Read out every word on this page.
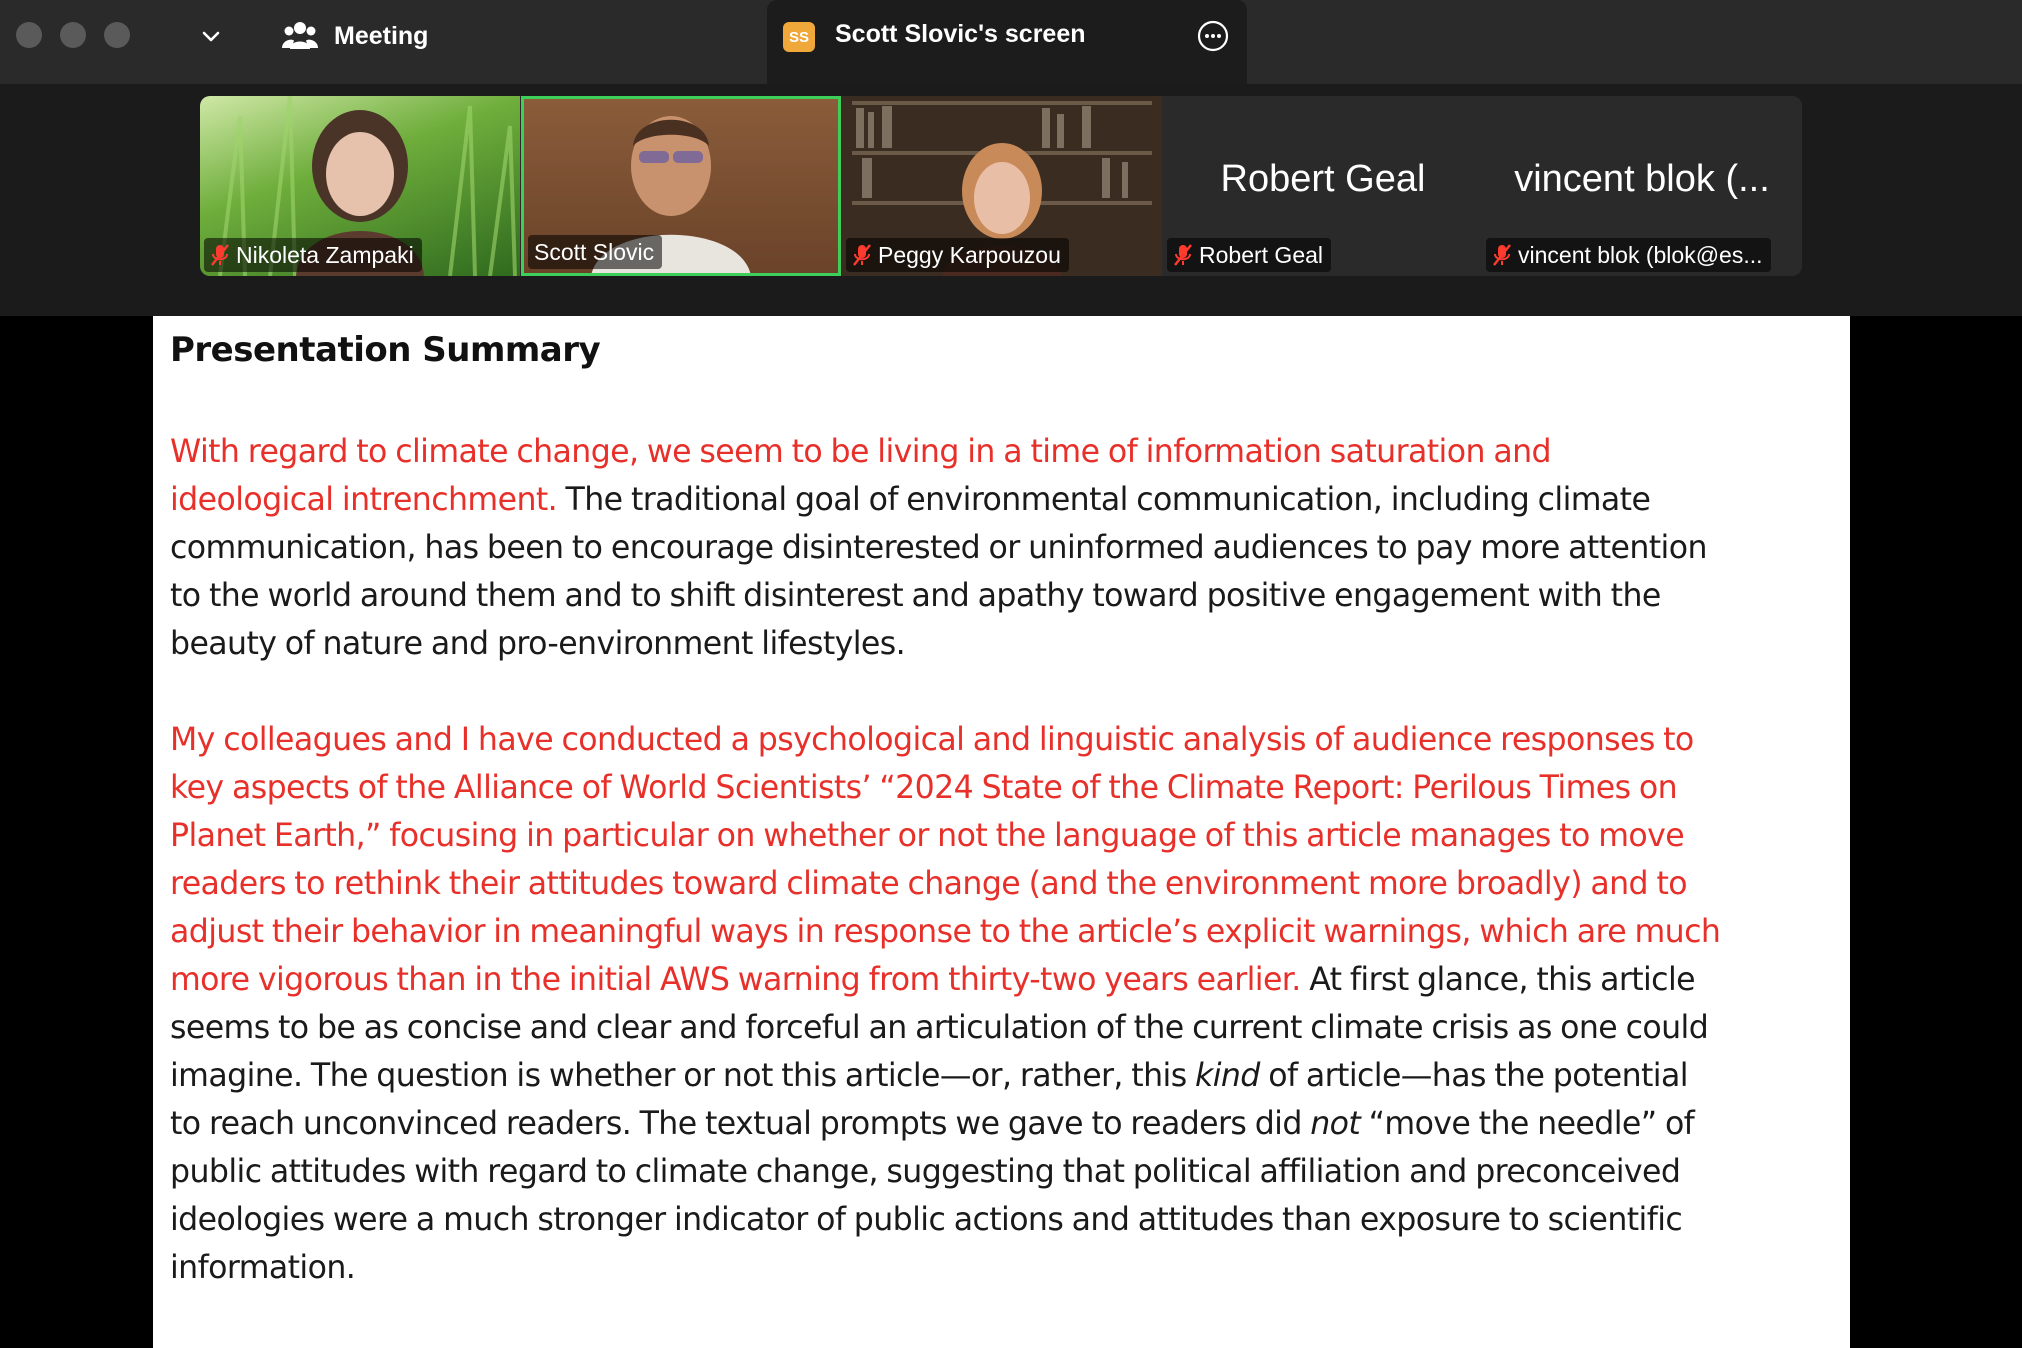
Meeting	SS Scott Slovic's screen
Nikoleta Zampaki	Scott Slovic	Peggy Karpouzou
Robert Geal
Robert Geal
vincent blok (...
vincent blok (blok@es...
Presentation Summary
With regard to climate change, we seem to be living in a time of information saturation and
ideological intrenchment. The traditional goal of environmental communication, including climate
communication, has been to encourage disinterested or uninformed audiences to pay more attention
to the world around them and to shift disinterest and apathy toward positive engagement with the
beauty of nature and pro-environment lifestyles.
My colleagues and I have conducted a psychological and linguistic analysis of audience responses to
key aspects of the Alliance of World Scientists’ “2024 State of the Climate Report: Perilous Times on
Planet Earth,” focusing in particular on whether or not the language of this article manages to move
readers to rethink their attitudes toward climate change (and the environment more broadly) and to
adjust their behavior in meaningful ways in response to the article’s explicit warnings, which are much
more vigorous than in the initial AWS warning from thirty-two years earlier. At first glance, this article
seems to be as concise and clear and forceful an articulation of the current climate crisis as one could
imagine. The question is whether or not this article—or, rather, this kind of article—has the potential
to reach unconvinced readers. The textual prompts we gave to readers did not “move the needle” of
public attitudes with regard to climate change, suggesting that political affiliation and preconceived
ideologies were a much stronger indicator of public actions and attitudes than exposure to scientific
information.
